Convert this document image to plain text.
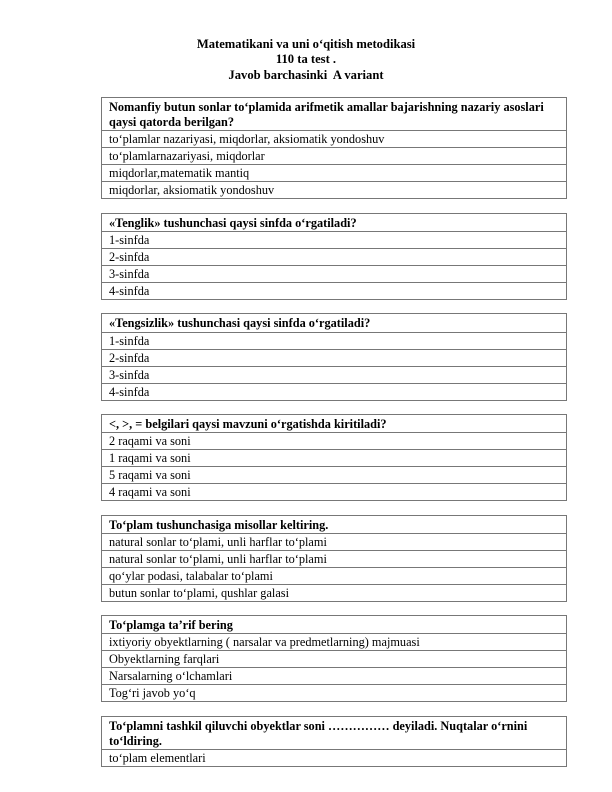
Matematikani va uni o‘qitish metodikasi
110 ta test .
Javob barchasinki  A variant
Nomanfiy butun sonlar to‘plamida arifmetik amallar bajarishning nazariy asoslari qaysi qatorda berilgan?
to‘plamlar nazariyasi, miqdorlar, aksiomatik yondoshuv
to‘plamlarnazariyasi, miqdorlar
miqdorlar,matematik mantiq
miqdorlar, aksiomatik yondoshuv
«Tenglik» tushunchasi qaysi sinfda o‘rgatiladi?
1-sinfda
2-sinfda
3-sinfda
4-sinfda
«Tengsizlik» tushunchasi qaysi sinfda o‘rgatiladi?
1-sinfda
2-sinfda
3-sinfda
4-sinfda
<, >, = belgilari qaysi mavzuni o‘rgatishda kiritiladi?
2 raqami va soni
1 raqami va soni
5 raqami va soni
4 raqami va soni
To‘plam tushunchasiga misollar keltiring.
natural sonlar to‘plami, unli harflar to‘plami
natural sonlar to‘plami, unli harflar to‘plami
qo‘ylar podasi, talabalar to‘plami
butun sonlar to‘plami, qushlar galasi
To‘plamga ta’rif bering
ixtiyoriy obyektlarning ( narsalar va predmetlarning) majmuasi
Obyektlarning farqlari
Narsalarning o‘lchamlari
Tog‘ri javob yo‘q
To‘plamni tashkil qiluvchi obyektlar soni …………… deyiladi. Nuqtalar o‘rnini to‘ldiring.
to‘plam elementlari
